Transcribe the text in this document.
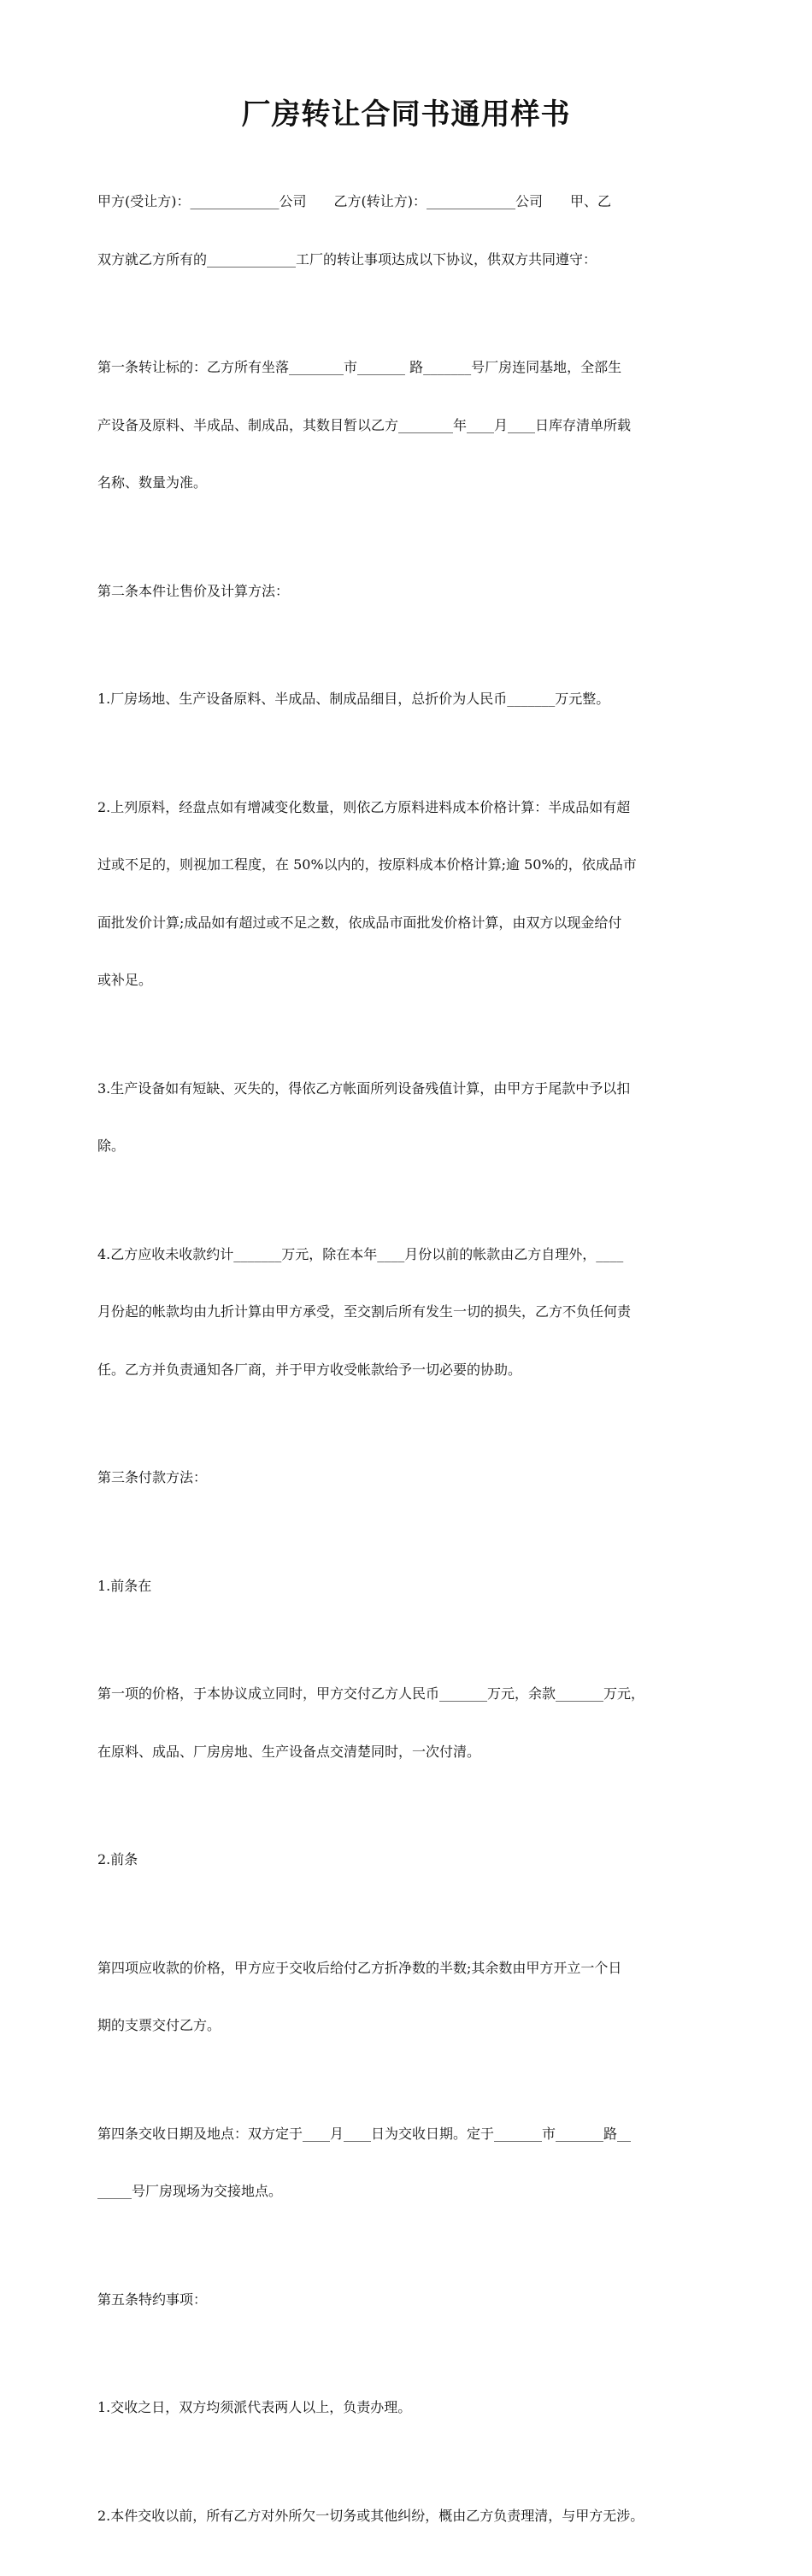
厂房转让合同书通用样书

甲方(受让方)：_____________公司　　乙方(转让方)：_____________公司　　甲、乙

双方就乙方所有的_____________工厂的转让事项达成以下协议，供双方共同遵守：

第一条转让标的：乙方所有坐落________市_______ 路_______号厂房连同基地，全部生

产设备及原料、半成品、制成品，其数目暂以乙方________年____月____日库存清单所载

名称、数量为准。

第二条本件让售价及计算方法：

1.厂房场地、生产设备原料、半成品、制成品细目，总折价为人民币_______万元整。

2.上列原料，经盘点如有增减变化数量，则依乙方原料进料成本价格计算：半成品如有超

过或不足的，则视加工程度，在 50%以内的，按原料成本价格计算;逾 50%的，依成品市

面批发价计算;成品如有超过或不足之数，依成品市面批发价格计算，由双方以现金给付

或补足。

3.生产设备如有短缺、灭失的，得依乙方帐面所列设备残值计算，由甲方于尾款中予以扣

除。

4.乙方应收未收款约计_______万元，除在本年____月份以前的帐款由乙方自理外，____

月份起的帐款均由九折计算由甲方承受，至交割后所有发生一切的损失，乙方不负任何责

任。乙方并负责通知各厂商，并于甲方收受帐款给予一切必要的协助。

第三条付款方法：

1.前条在

第一项的价格，于本协议成立同时，甲方交付乙方人民币_______万元，余款_______万元，

在原料、成品、厂房房地、生产设备点交清楚同时，一次付清。

2.前条

第四项应收款的价格，甲方应于交收后给付乙方折净数的半数;其余数由甲方开立一个日

期的支票交付乙方。

第四条交收日期及地点：双方定于____月____日为交收日期。定于_______市_______路__

_____号厂房现场为交接地点。

第五条特约事项：

1.交收之日，双方均须派代表两人以上，负责办理。

2.本件交收以前，所有乙方对外所欠一切务或其他纠纷，概由乙方负责理清，与甲方无涉。
